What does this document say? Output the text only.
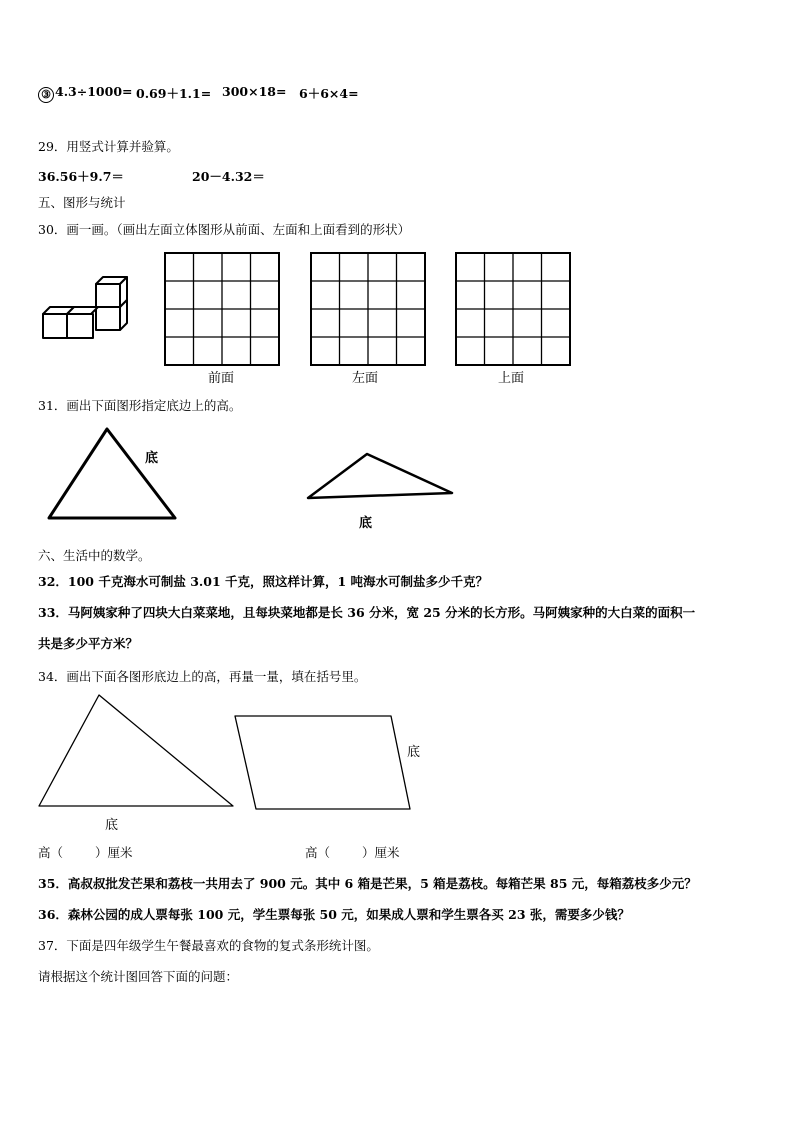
③ 4.3÷1000= 0.69＋1.1= 300×18= 6＋6×4=
29．用竖式计算并验算。
36.56＋9.7＝	20－4.32＝
五、图形与统计
30．画一画。（画出左面立体图形从前面、左面和上面看到的形状）
前面	左面	上面
31．画出下面图形指定底边上的高。
底
底
六、生活中的数学。
32．100 千克海水可制盐 3.01 千克，照这样计算，1 吨海水可制盐多少千克？
33．马阿姨家种了四块大白菜菜地，且每块菜地都是长 36 分米，宽 25 分米的长方形。马阿姨家种的大白菜的面积一
共是多少平方米？
34．画出下面各图形底边上的高，再量一量，填在括号里。
底
底
高（	）厘米	高（	）厘米
35．高叔叔批发芒果和荔枝一共用去了 900 元。其中 6 箱是芒果，5 箱是荔枝。每箱芒果 85 元，每箱荔枝多少元？
36．森林公园的成人票每张 100 元，学生票每张 50 元，如果成人票和学生票各买 23 张，需要多少钱？
37．下面是四年级学生午餐最喜欢的食物的复式条形统计图。
请根据这个统计图回答下面的问题：
